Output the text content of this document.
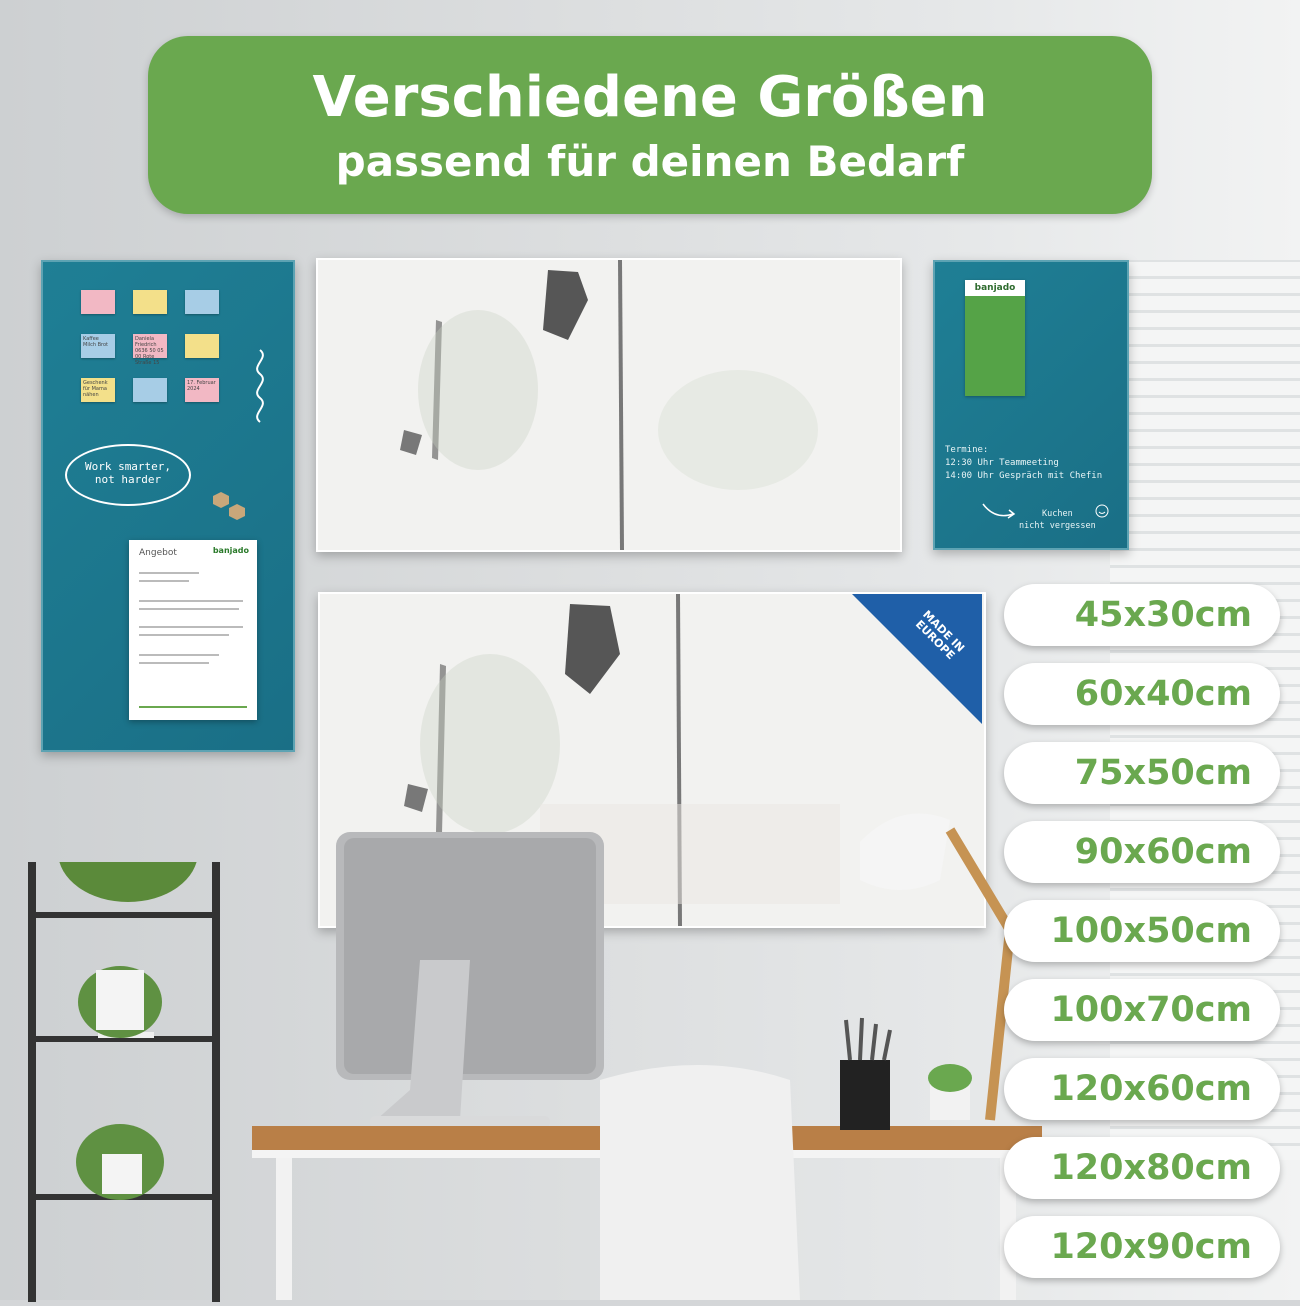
Verschiedene Größen
passend für deinen Bedarf
Kaffee Milch Brot
Daniela Friedrich 0636 50 05 00 Rote Straße 15
Geschenk für Mama nähen
17. Februar 2024
Work smarter,
not harder
Angebot	banjado
banjado
Termine:
12:30 Uhr Teammeeting
14:00 Uhr Gespräch mit Chefin
Kuchen
nicht vergessen
MADE IN
EUROPE
45x30cm
60x40cm
75x50cm
90x60cm
100x50cm
100x70cm
120x60cm
120x80cm
120x90cm
